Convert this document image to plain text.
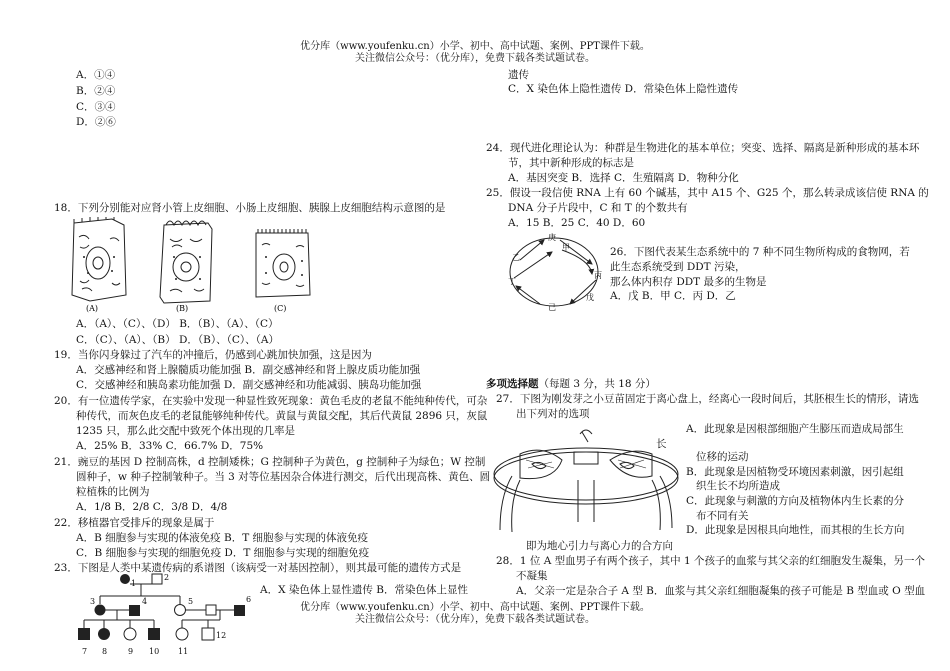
优分库（www.youfenku.cn）小学、初中、高中试题、案例、PPT课件下载。
关注微信公众号：（优分库），免费下载各类试题试卷。
A．①④
B．②④
C．③④
D．②⑥
18．下列分别能对应肾小管上皮细胞、小肠上皮细胞、胰腺上皮细胞结构示意图的是
(A)	(B)	(C)
A．（A）、（C）、（D） B．（B）、（A）、（C）
C．（C）、（A）、（B） D．（B）、（C）、（A）
19．当你闪身躲过了汽车的冲撞后，仍感到心跳加快加强，这是因为
A．交感神经和肾上腺髓质功能加强 B．副交感神经和肾上腺皮质功能加强
C．交感神经和胰岛素功能加强 D．副交感神经和功能减弱、胰岛功能加强
20．有一位遗传学家，在实验中发现一种显性致死现象：黄色毛皮的老鼠不能纯种传代，可杂
种传代，而灰色皮毛的老鼠能够纯种传代。黄鼠与黄鼠交配，其后代黄鼠 2896 只，灰鼠
1235 只，那么此交配中致死个体出现的几率是
A．25% B．33% C．66.7% D．75%
21．豌豆的基因 D 控制高株，d 控制矮株；G 控制种子为黄色，g 控制种子为绿色；W 控制
圆种子，w 种子控制皱种子。当 3 对等位基因杂合体进行测交，后代出现高株、黄色、圆
粒植株的比例为
A．1/8 B．2/8 C．3/8 D．4/8
22．移植器官受排斥的现象是属于
A．B 细胞参与实现的体液免疫 B．T 细胞参与实现的体液免疫
C．B 细胞参与实现的细胞免疫 D．T 细胞参与实现的细胞免疫
23．下图是人类中某遗传病的系谱图（该病受一对基因控制），则其最可能的遗传方式是
1
2
3	4	5	6
7 8	9 10 11
12
A．X 染色体上显性遗传 B．常染色体上显性
遗传
C．X 染色体上隐性遗传 D．常染色体上隐性遗传
24．现代进化理论认为：种群是生物进化的基本单位；突变、选择、隔离是新种形成的基本环
节，其中新种形成的标志是
A．基因突变 B．选择 C．生殖隔离 D．物种分化
25．假设一段信使 RNA 上有 60 个碱基，其中 A15 个、G25 个，那么转录成该信使 RNA 的
DNA 分子片段中，C 和 T 的个数共有
A．15 B．25 C．40 D．60
庚
甲
乙
丙
丁
戊
己
26．下图代表某生态系统中的 7 种不同生物所构成的食物网，若
此生态系统受到 DDT 污染，
那么体内积存 DDT 最多的生物是
A．戊 B．甲 C．丙 D．乙
多项选择题（每题 3 分，共 18 分）
27．下图为刚发芽之小豆苗固定于离心盘上，经离心一段时间后，其胚根生长的情形，请选
出下列对的选项
A．此现象是因根部细胞产生膨压而造成局部生
长
位移的运动
B．此现象是因植物受环境因素刺激，因引起组
织生长不均所造成
C．此现象与刺激的方向及植物体内生长素的分
布不同有关
D．此现象是因根具向地性，而其根的生长方向
即为地心引力与离心力的合方向
28．1 位 A 型血男子有两个孩子，其中 1 个孩子的血浆与其父亲的红细胞发生凝集，另一个
不凝集
A．父亲一定是杂合子 A 型 B．血浆与其父亲红细胞凝集的孩子可能是 B 型血或 O 型血
优分库（www.youfenku.cn）小学、初中、高中试题、案例、PPT课件下载。
关注微信公众号：（优分库），免费下载各类试题试卷。
